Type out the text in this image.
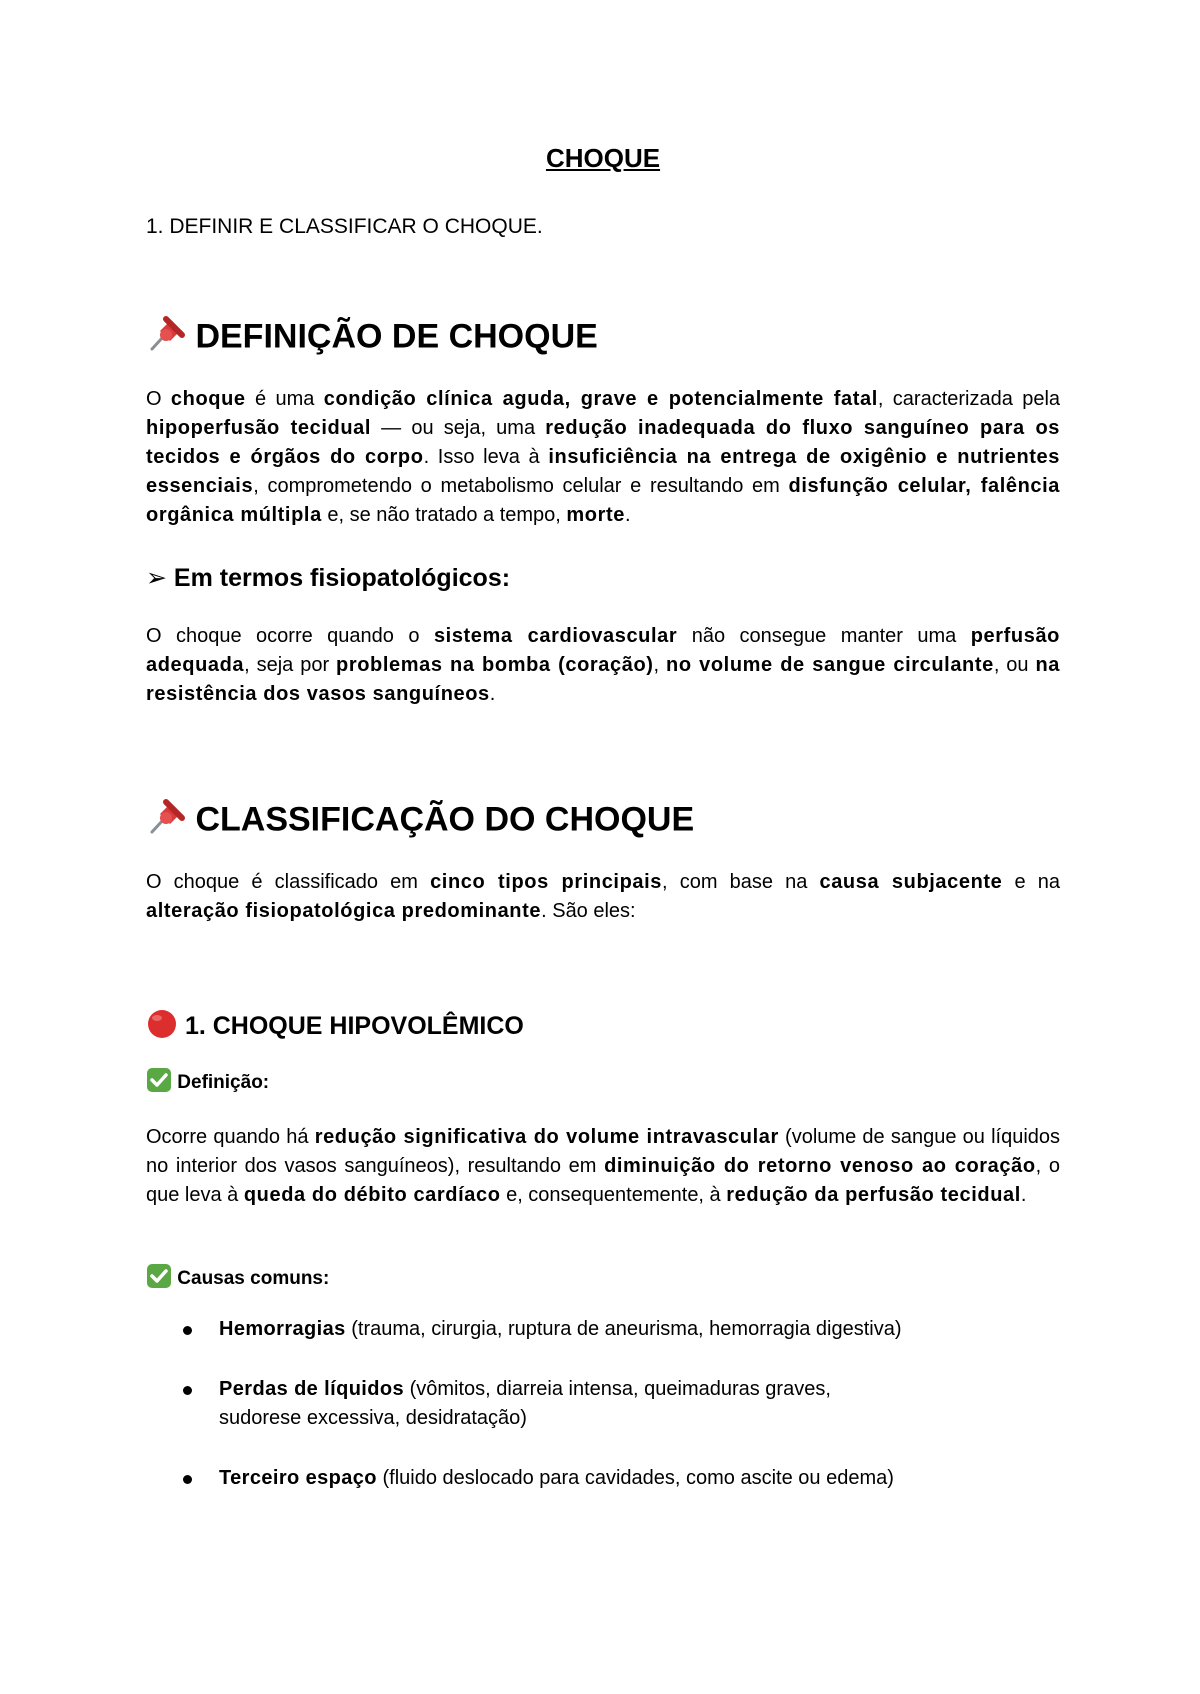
CHOQUE
1. DEFINIR E CLASSIFICAR O CHOQUE.
DEFINIÇÃO DE CHOQUE

O choque é uma condição clínica aguda, grave e potencialmente fatal, caracterizada pela hipoperfusão tecidual — ou seja, uma redução inadequada do fluxo sanguíneo para os tecidos e órgãos do corpo. Isso leva à insuficiência na entrega de oxigênio e nutrientes essenciais, comprometendo o metabolismo celular e resultando em disfunção celular, falência orgânica múltipla e, se não tratado a tempo, morte.

➢ Em termos fisiopatológicos:

O choque ocorre quando o sistema cardiovascular não consegue manter uma perfusão adequada, seja por problemas na bomba (coração), no volume de sangue circulante, ou na resistência dos vasos sanguíneos.

CLASSIFICAÇÃO DO CHOQUE

O choque é classificado em cinco tipos principais, com base na causa subjacente e na alteração fisiopatológica predominante. São eles:

1. CHOQUE HIPOVOLÊMICO
Definição:

Ocorre quando há redução significativa do volume intravascular (volume de sangue ou líquidos no interior dos vasos sanguíneos), resultando em diminuição do retorno venoso ao coração, o que leva à queda do débito cardíaco e, consequentemente, à redução da perfusão tecidual.

Causas comuns:
Hemorragias (trauma, cirurgia, ruptura de aneurisma, hemorragia digestiva)
Perdas de líquidos (vômitos, diarreia intensa, queimaduras graves, sudorese excessiva, desidratação)
Terceiro espaço (fluido deslocado para cavidades, como ascite ou edema)
